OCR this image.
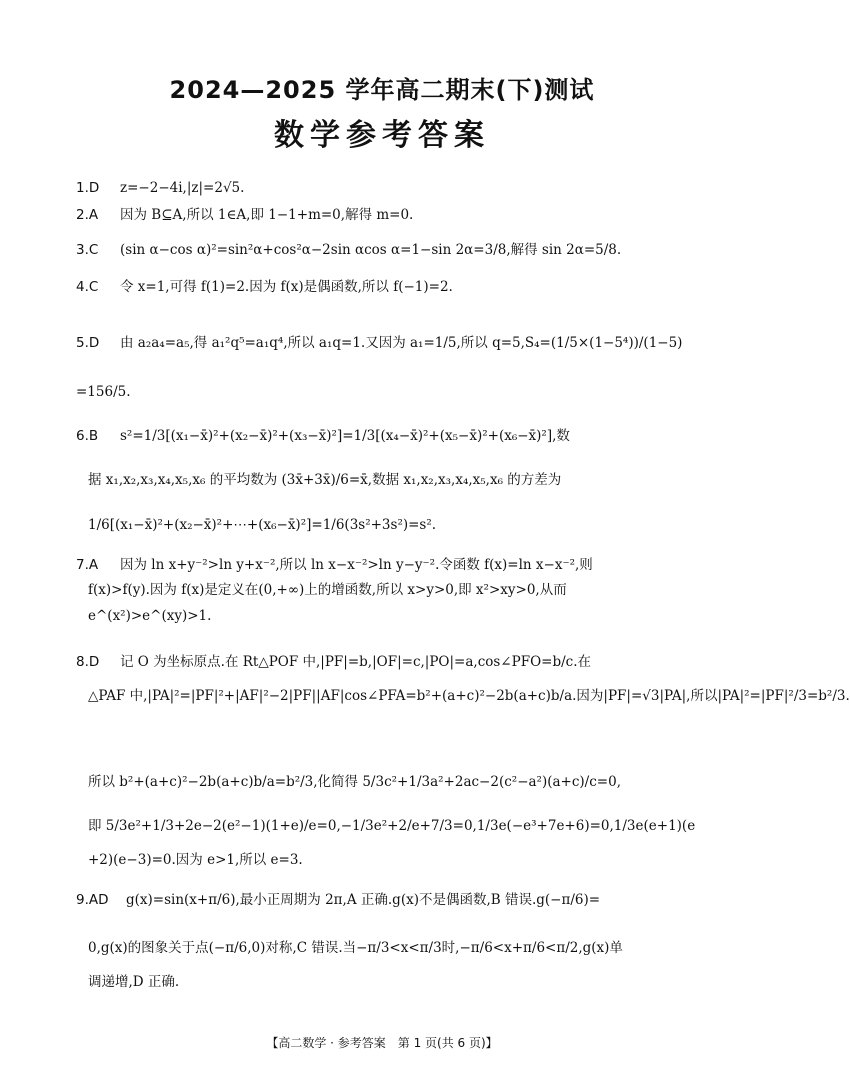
2024—2025 学年高二期末(下)测试
数学参考答案
1.D z=−2−4i,|z|=2√5.
2.A 因为 B⊆A,所以 1∈A,即 1−1+m=0,解得 m=0.
3.C (sin α−cos α)²=sin²α+cos²α−2sin αcos α=1−sin 2α=3/8,解得 sin 2α=5/8.
4.C 令 x=1,可得 f(1)=2.因为 f(x)是偶函数,所以 f(−1)=2.
5.D 由 a₂a₄=a₅,得 a₁²q⁵=a₁q⁴,所以 a₁q=1.又因为 a₁=1/5,所以 q=5,S₄=(1/5×(1−5⁴))/(1−5)
=156/5.
6.B s²=1/3[(x₁−x̄)²+(x₂−x̄)²+(x₃−x̄)²]=1/3[(x₄−x̄)²+(x₅−x̄)²+(x₆−x̄)²],数
据 x₁,x₂,x₃,x₄,x₅,x₆ 的平均数为 (3x̄+3x̄)/6=x̄,数据 x₁,x₂,x₃,x₄,x₅,x₆ 的方差为
1/6[(x₁−x̄)²+(x₂−x̄)²+⋯+(x₆−x̄)²]=1/6(3s²+3s²)=s².
7.A 因为 ln x+y⁻²>ln y+x⁻²,所以 ln x−x⁻²>ln y−y⁻².令函数 f(x)=ln x−x⁻²,则
f(x)>f(y).因为 f(x)是定义在(0,+∞)上的增函数,所以 x>y>0,即 x²>xy>0,从而
e^(x²)>e^(xy)>1.
8.D 记 O 为坐标原点.在 Rt△POF 中,|PF|=b,|OF|=c,|PO|=a,cos∠PFO=b/c.在
△PAF 中,|PA|²=|PF|²+|AF|²−2|PF||AF|cos∠PFA=b²+(a+c)²−2b(a+c)b/a.因为|PF|=√3|PA|,所以|PA|²=|PF|²/3=b²/3.
所以 b²+(a+c)²−2b(a+c)b/a=b²/3,化简得 5/3c²+1/3a²+2ac−2(c²−a²)(a+c)/c=0,
即 5/3e²+1/3+2e−2(e²−1)(1+e)/e=0,−1/3e²+2/e+7/3=0,1/3e(−e³+7e+6)=0,1/3e(e+1)(e
+2)(e−3)=0.因为 e>1,所以 e=3.
9.AD g(x)=sin(x+π/6),最小正周期为 2π,A 正确.g(x)不是偶函数,B 错误.g(−π/6)=
0,g(x)的图象关于点(−π/6,0)对称,C 错误.当−π/3<x<π/3时,−π/6<x+π/6<π/2,g(x)单
调递增,D 正确.
【高二数学 · 参考答案　第 1 页(共 6 页)】
